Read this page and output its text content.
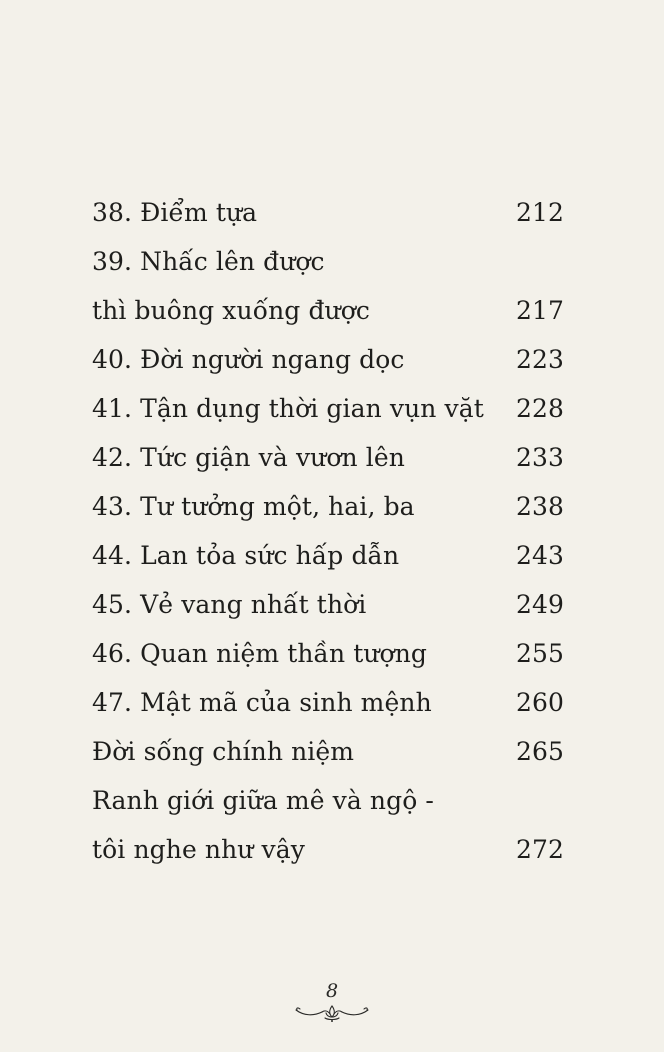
38. Điểm tựa	212
39. Nhấc lên được
thì buông xuống được	217
40. Đời người ngang dọc	223
41. Tận dụng thời gian vụn vặt	228
42. Tức giận và vươn lên	233
43. Tư tưởng một, hai, ba	238
44. Lan tỏa sức hấp dẫn	243
45. Vẻ vang nhất thời	249
46. Quan niệm thần tượng	255
47. Mật mã của sinh mệnh	260
Đời sống chính niệm	265
Ranh giới giữa mê và ngộ -
tôi nghe như vậy	272
8
